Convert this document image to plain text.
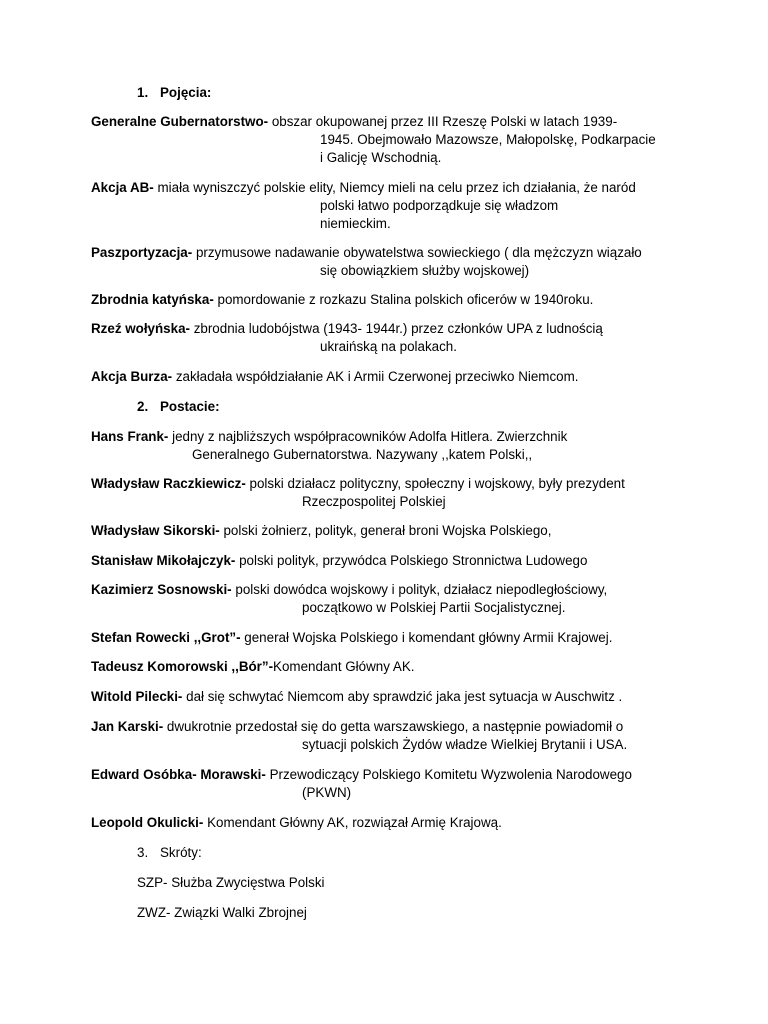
1. Pojęcia:
Generalne Gubernatorstwo- obszar okupowanej przez III Rzeszę Polski w latach 1939-
1945. Obejmowało Mazowsze, Małopolskę, Podkarpacie
i Galicję Wschodnią.
Akcja AB- miała wyniszczyć polskie elity, Niemcy mieli na celu przez ich działania, że naród
polski łatwo podporządkuje się władzom
niemieckim.
Paszportyzacja- przymusowe nadawanie obywatelstwa sowieckiego ( dla mężczyzn wiązało
się obowiązkiem służby wojskowej)
Zbrodnia katyńska- pomordowanie z rozkazu Stalina polskich oficerów w 1940roku.
Rzeź wołyńska- zbrodnia ludobójstwa (1943- 1944r.) przez członków UPA z ludnością
ukraińską na polakach.
Akcja Burza- zakładała współdziałanie AK i Armii Czerwonej przeciwko Niemcom.
2. Postacie:
Hans Frank- jedny z najbliższych współpracowników Adolfa Hitlera. Zwierzchnik
Generalnego Gubernatorstwa. Nazywany ,,katem Polski,,
Władysław Raczkiewicz- polski działacz polityczny, społeczny i wojskowy, były prezydent
Rzeczpospolitej Polskiej
Władysław Sikorski- polski żołnierz, polityk, generał broni Wojska Polskiego,
Stanisław Mikołajczyk- polski polityk, przywódca Polskiego Stronnictwa Ludowego
Kazimierz Sosnowski- polski dowódca wojskowy i polityk, działacz niepodległościowy,
początkowo w Polskiej Partii Socjalistycznej.
Stefan Rowecki ,,Grot”- generał Wojska Polskiego i komendant główny Armii Krajowej.
Tadeusz Komorowski ,,Bór”-Komendant Główny AK.
Witold Pilecki- dał się schwytać Niemcom aby sprawdzić jaka jest sytuacja w Auschwitz .
Jan Karski- dwukrotnie przedostał się do getta warszawskiego, a następnie powiadomił o
sytuacji polskich Żydów władze Wielkiej Brytanii i USA.
Edward Osóbka- Morawski- Przewodiczący Polskiego Komitetu Wyzwolenia Narodowego
(PKWN)
Leopold Okulicki- Komendant Główny AK, rozwiązał Armię Krajową.
3. Skróty:
SZP- Służba Zwycięstwa Polski
ZWZ- Związki Walki Zbrojnej
